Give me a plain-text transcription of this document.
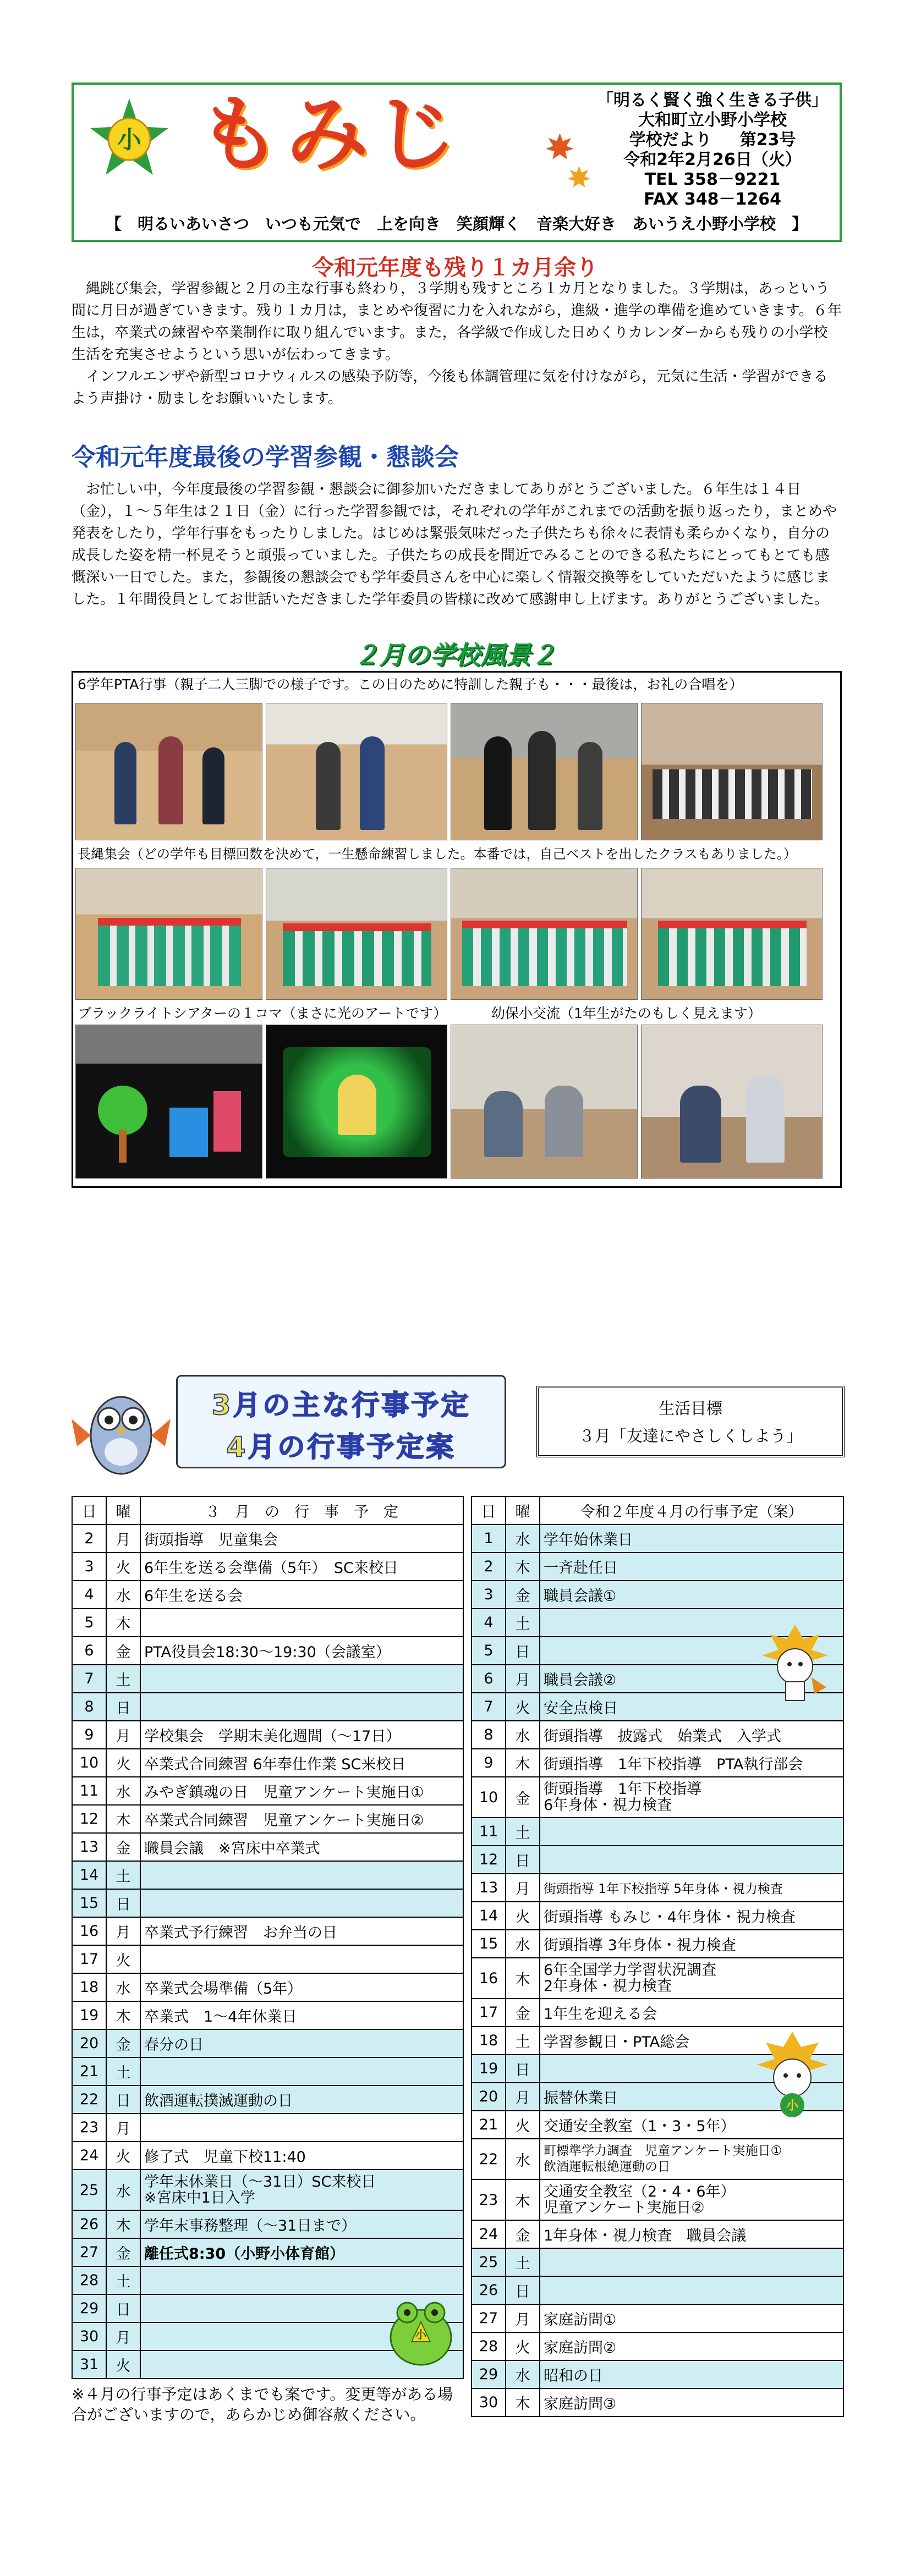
小 もみじ	「明るく賢く強く生きる子供」
大和町立小野小学校
学校だより 第23号
令和2年2月26日（火）
TEL 358－9221
FAX 348－1264
【　明るいあいさつ　いつも元気で　上を向き　笑顔輝く　音楽大好き　あいうえ小野小学校　】
令和元年度も残り１カ月余り

縄跳び集会，学習参観と２月の主な行事も終わり，３学期も残すところ１カ月となりました。３学期は，あっという間に月日が過ぎていきます。残り１カ月は，まとめや復習に力を入れながら，進級・進学の準備を進めていきます。６年生は，卒業式の練習や卒業制作に取り組んでいます。また，各学級で作成した日めくりカレンダーからも残りの小学校生活を充実させようという思いが伝わってきます。

インフルエンザや新型コロナウィルスの感染予防等，今後も体調管理に気を付けながら，元気に生活・学習ができるよう声掛け・励ましをお願いいたします。

令和元年度最後の学習参観・懇談会

お忙しい中，今年度最後の学習参観・懇談会に御参加いただきましてありがとうございました。６年生は１４日（金），１～５年生は２１日（金）に行った学習参観では，それぞれの学年がこれまでの活動を振り返ったり，まとめや発表をしたり，学年行事をもったりしました。はじめは緊張気味だった子供たちも徐々に表情も柔らかくなり，自分の成長した姿を精一杯見そうと頑張っていました。子供たちの成長を間近でみることのできる私たちにとってもとても感慨深い一日でした。また，参観後の懇談会でも学年委員さんを中心に楽しく情報交換等をしていただいたように感じました。１年間役員としてお世話いただきました学年委員の皆様に改めて感謝申し上げます。ありがとうございました。

２月の学校風景２
6学年PTA行事（親子二人三脚での様子です。この日のために特訓した親子も・・・最後は，お礼の合唱を）
長縄集会（どの学年も目標回数を決めて，一生懸命練習しました。本番では，自己ベストを出したクラスもありました。）
ブラックライトシアターの１コマ（まさに光のアートです）	幼保小交流（1年生がたのもしく見えます）
3月の主な行事予定
4月の行事予定案
生活目標
３月「友達にやさしくしよう」
日	曜	３　月　の　行　事　予　定
2	月	街頭指導　児童集会
3	火	6年生を送る会準備（5年）　SC来校日
4	水	6年生を送る会
5	木	
6	金	PTA役員会18:30～19:30（会議室）
7	土	
8	日	
9	月	学校集会　学期末美化週間（～17日）
10	火	卒業式合同練習 6年奉仕作業 SC来校日
11	水	みやぎ鎮魂の日　児童アンケート実施日①
12	木	卒業式合同練習　児童アンケート実施日②
13	金	職員会議　※宮床中卒業式
14	土	
15	日	
16	月	卒業式予行練習　お弁当の日
17	火	
18	水	卒業式会場準備（5年）
19	木	卒業式　1～4年休業日
20	金	春分の日
21	土	
22	日	飲酒運転撲滅運動の日
23	月	
24	火	修了式　児童下校11:40
25	水	学年末休業日（～31日）SC来校日
※宮床中1日入学

26	木	学年末事務整理（～31日まで）
27	金	離任式8:30（小野小体育館）
28	土	
29	日	
30	月	
31	火	
日	曜	令和２年度４月の行事予定（案）
1	水	学年始休業日
2	木	一斉赴任日
3	金	職員会議①
4	土	
5	日	
6	月	職員会議②
7	火	安全点検日
8	水	街頭指導　披露式　始業式　入学式
9	木	街頭指導　1年下校指導　PTA執行部会
10	金	街頭指導　1年下校指導
6年身体・視力検査

11	土	
12	日	
13	月	街頭指導 1年下校指導 5年身体・視力検査
14	火	街頭指導 もみじ・4年身体・視力検査
15	水	街頭指導 3年身体・視力検査
16	木	6年全国学力学習状況調査
2年身体・視力検査

17	金	1年生を迎える会
18	土	学習参観日・PTA総会
19	日	
20	月	振替休業日
21	火	交通安全教室（1・3・5年）
22	水	町標準学力調査　児童アンケート実施日①
飲酒運転根絶運動の日

23	木	交通安全教室（2・4・6年）
児童アンケート実施日②

24	金	1年身体・視力検査　職員会議
25	土	
26	日	
27	月	家庭訪問①
28	火	家庭訪問②
29	水	昭和の日
30	木	家庭訪問③
※４月の行事予定はあくまでも案です。変更等がある場合がございますので，あらかじめ御容赦ください。
小
小
